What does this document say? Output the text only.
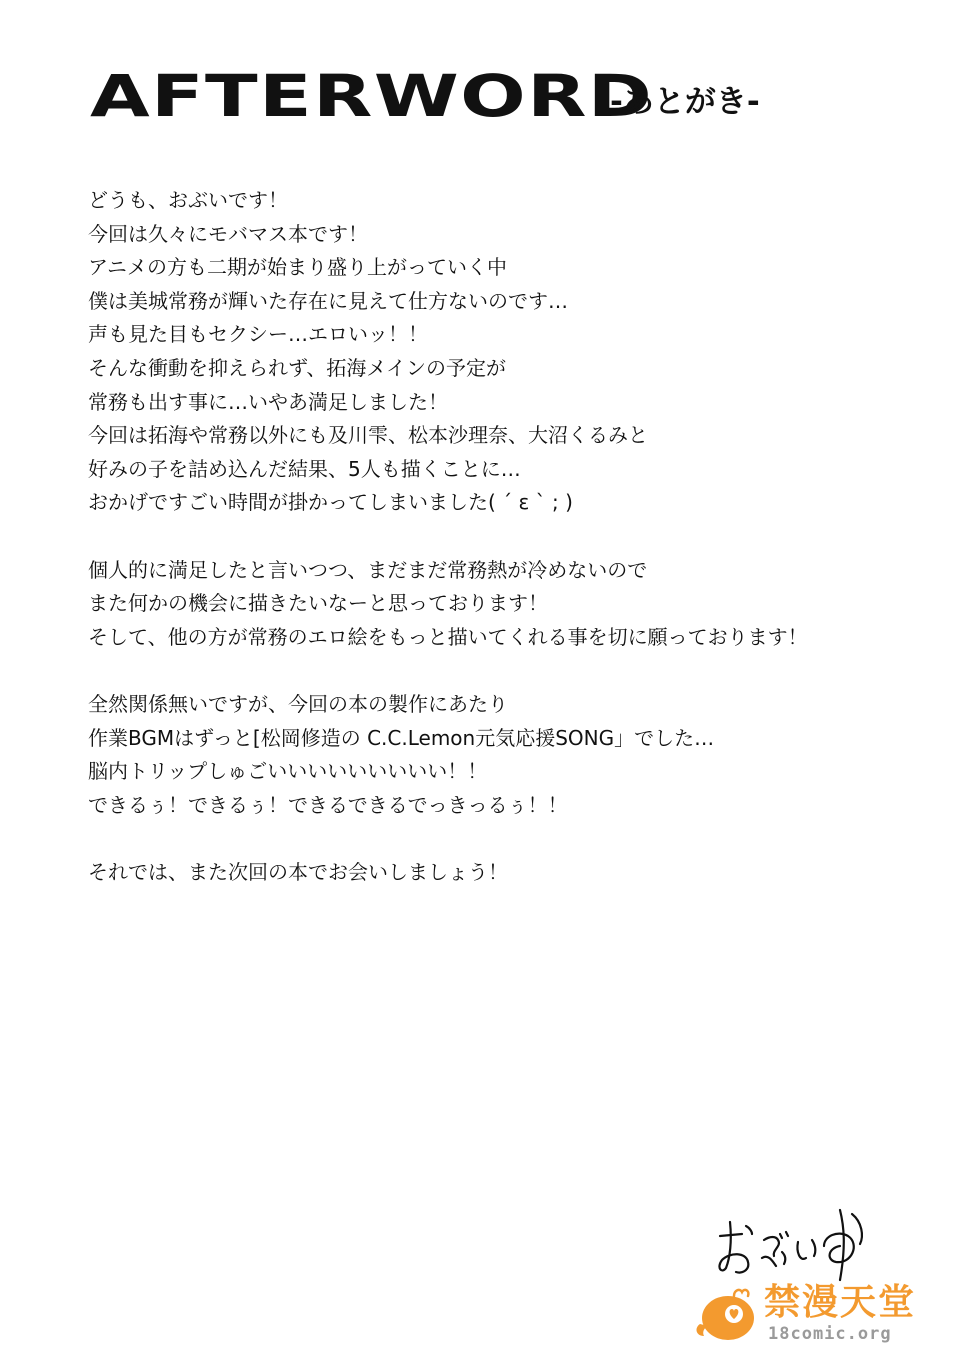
AFTERWORD
-あとがき-
どうも、おぶいです！
今回は久々にモバマス本です！
アニメの方も二期が始まり盛り上がっていく中
僕は美城常務が輝いた存在に見えて仕方ないのです…
声も見た目もセクシー…エロいッ！！
そんな衝動を抑えられず、拓海メインの予定が
常務も出す事に…いやあ満足しました！
今回は拓海や常務以外にも及川雫、松本沙理奈、大沼くるみと
好みの子を詰め込んだ結果、5人も描くことに…
おかげですごい時間が掛かってしまいました( ´ ε ` ; )
個人的に満足したと言いつつ、まだまだ常務熱が冷めないので
また何かの機会に描きたいなーと思っております！
そして、他の方が常務のエロ絵をもっと描いてくれる事を切に願っております！
全然関係無いですが、今回の本の製作にあたり
作業BGMはずっと[松岡修造の C.C.Lemon元気応援SONG」でした…
脳内トリップしゅごいいいいいいいいい！！
できるぅ！できるぅ！できるできるでっきっるぅ！！
それでは、また次回の本でお会いしましょう！
禁漫天堂
18comic.org
